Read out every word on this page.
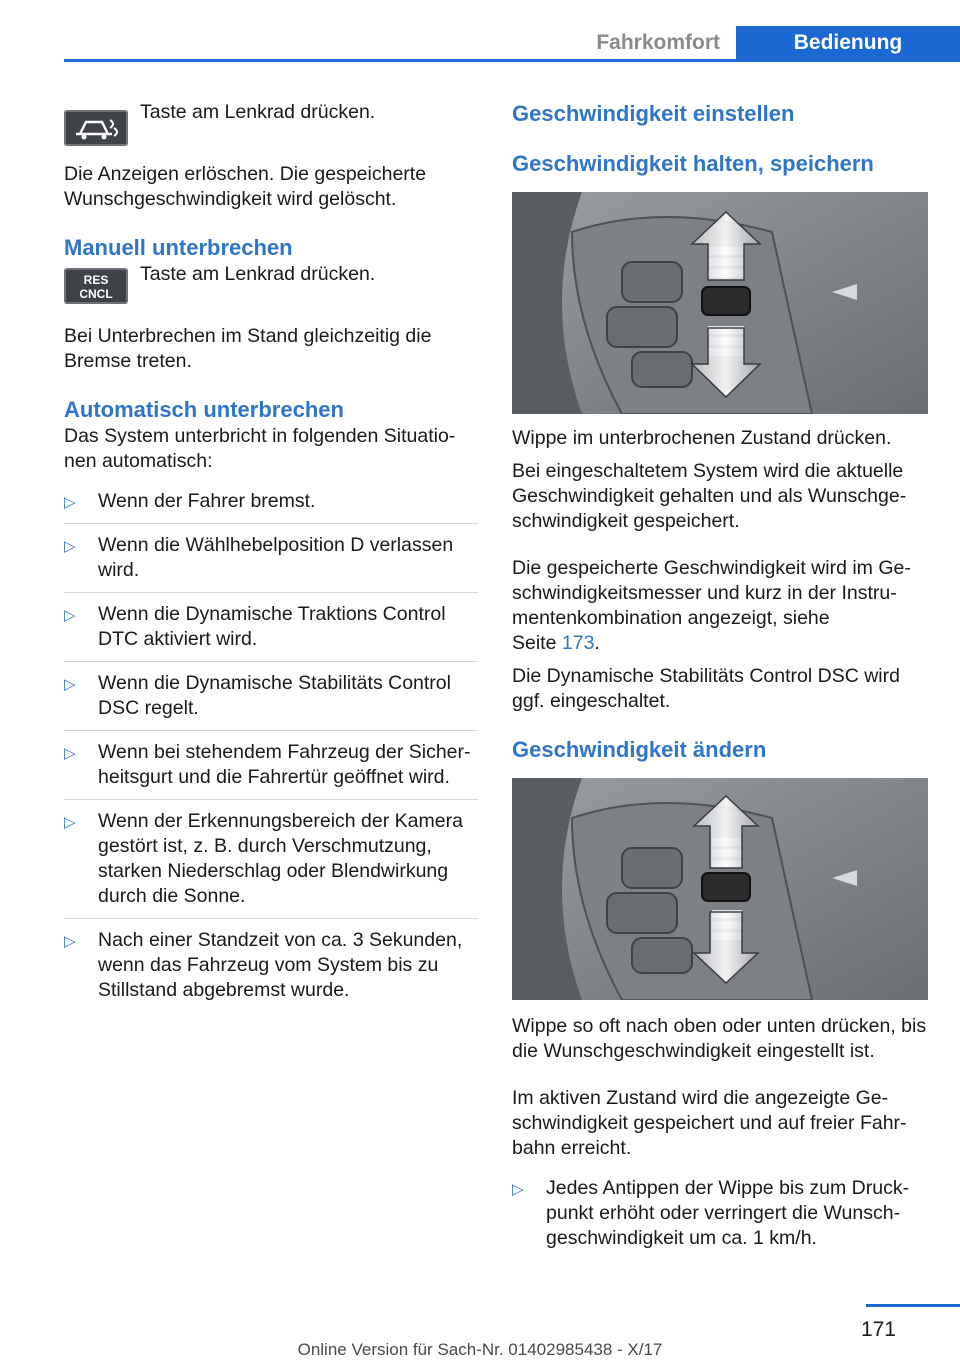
Fahrkomfort	Bedienung

Taste am Lenkrad drücken.

Die Anzeigen erlöschen. Die gespeicherte Wunschgeschwindigkeit wird gelöscht.

Manuell unterbrechen
RES
CNCL

Taste am Lenkrad drücken.

Bei Unterbrechen im Stand gleichzeitig die Bremse treten.

Automatisch unterbrechen

Das System unterbricht in folgenden Situatio- nen automatisch:

▷ Wenn der Fahrer bremst.
▷ Wenn die Wählhebelposition D verlassen wird.
▷ Wenn die Dynamische Traktions Control DTC aktiviert wird.
▷ Wenn die Dynamische Stabilitäts Control DSC regelt.
▷ Wenn bei stehendem Fahrzeug der Sicher- heitsgurt und die Fahrertür geöffnet wird.
▷ Wenn der Erkennungsbereich der Kamera gestört ist, z. B. durch Verschmutzung, starken Niederschlag oder Blendwirkung durch die Sonne.
▷ Nach einer Standzeit von ca. 3 Sekunden, wenn das Fahrzeug vom System bis zu Stillstand abgebremst wurde.
Geschwindigkeit einstellen
Geschwindigkeit halten, speichern

Wippe im unterbrochenen Zustand drücken.

Bei eingeschaltetem System wird die aktuelle Geschwindigkeit gehalten und als Wunschge- schwindigkeit gespeichert.

Die gespeicherte Geschwindigkeit wird im Ge- schwindigkeitsmesser und kurz in der Instru- mentenkombination angezeigt, siehe
Seite 173.

Die Dynamische Stabilitäts Control DSC wird ggf. eingeschaltet.

Geschwindigkeit ändern

Wippe so oft nach oben oder unten drücken, bis die Wunschgeschwindigkeit eingestellt ist.

Im aktiven Zustand wird die angezeigte Ge- schwindigkeit gespeichert und auf freier Fahr- bahn erreicht.

▷ Jedes Antippen der Wippe bis zum Druck- punkt erhöht oder verringert die Wunsch- geschwindigkeit um ca. 1 km/h.
171
Online Version für Sach-Nr. 01402985438 - X/17
